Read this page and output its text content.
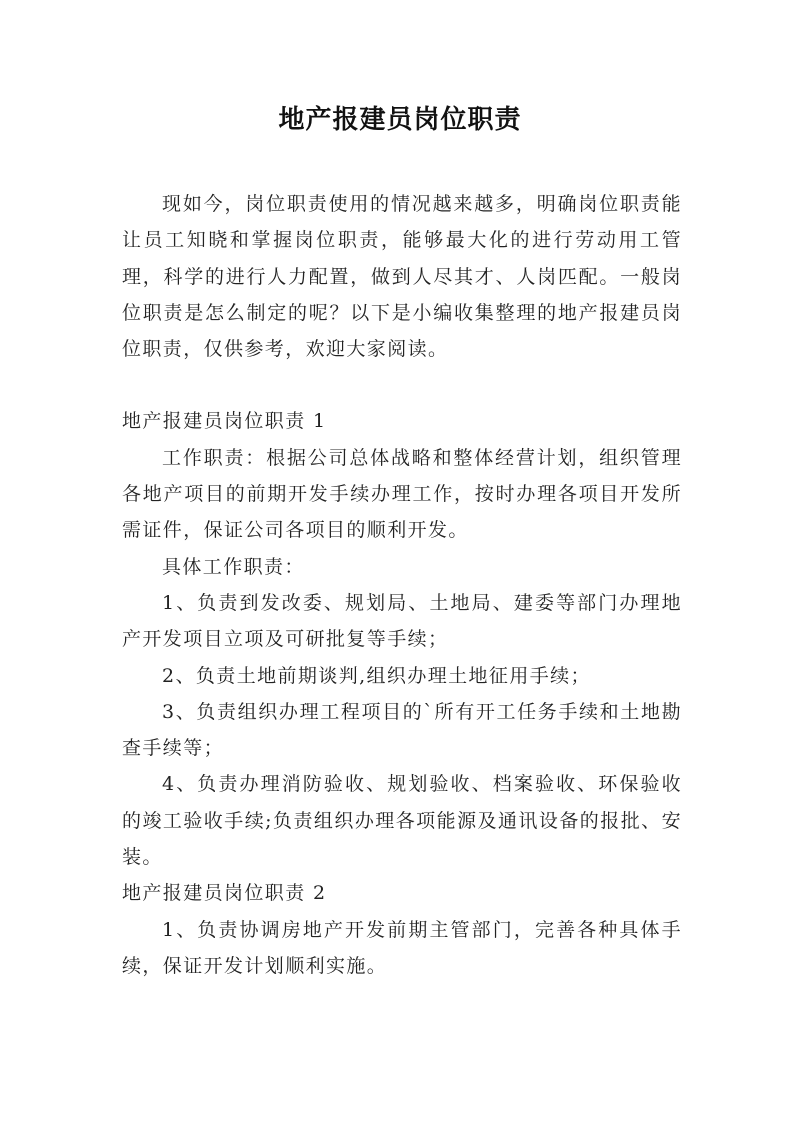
地产报建员岗位职责

现如今，岗位职责使用的情况越来越多，明确岗位职责能让员工知晓和掌握岗位职责，能够最大化的进行劳动用工管理，科学的进行人力配置，做到人尽其才、人岗匹配。一般岗位职责是怎么制定的呢？以下是小编收集整理的地产报建员岗位职责，仅供参考，欢迎大家阅读。

地产报建员岗位职责 1

工作职责：根据公司总体战略和整体经营计划，组织管理各地产项目的前期开发手续办理工作，按时办理各项目开发所需证件，保证公司各项目的顺利开发。

具体工作职责：

1、负责到发改委、规划局、土地局、建委等部门办理地产开发项目立项及可研批复等手续；

2、负责土地前期谈判,组织办理土地征用手续；

3、负责组织办理工程项目的`所有开工任务手续和土地勘查手续等；

4、负责办理消防验收、规划验收、档案验收、环保验收的竣工验收手续;负责组织办理各项能源及通讯设备的报批、安装。

地产报建员岗位职责 2

1、负责协调房地产开发前期主管部门，完善各种具体手续，保证开发计划顺利实施。
